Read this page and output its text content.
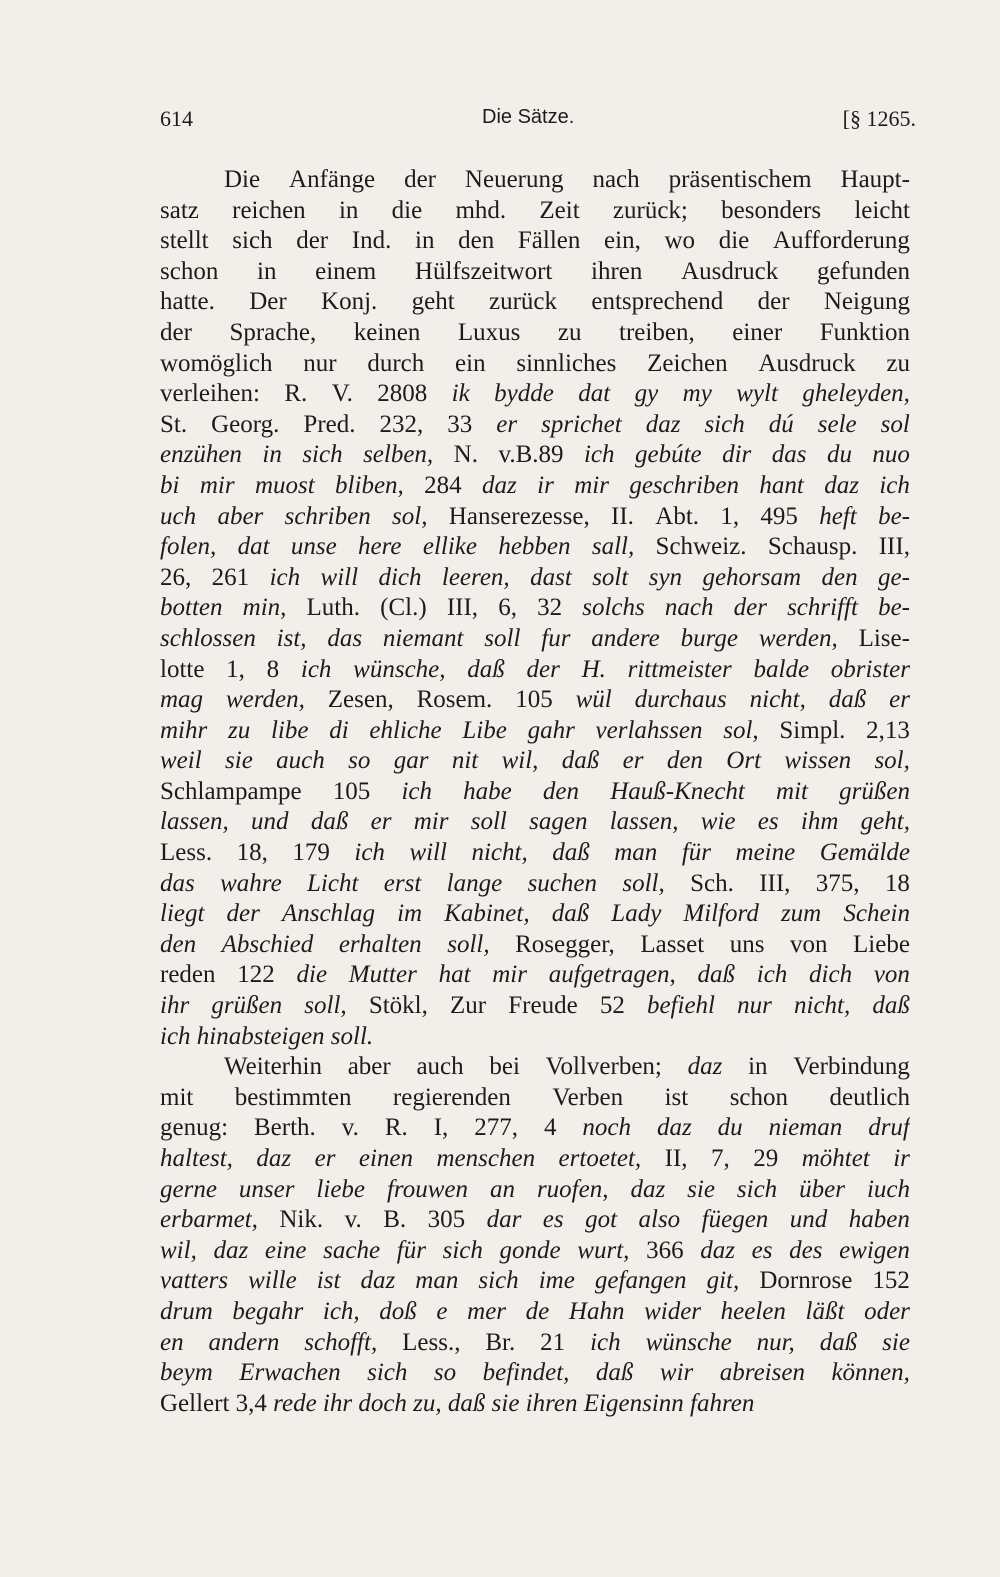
614	Die Sätze.	[§ 1265.
Die Anfänge der Neuerung nach präsentischem Haupt-
satz reichen in die mhd. Zeit zurück; besonders leicht
stellt sich der Ind. in den Fällen ein, wo die Aufforderung
schon in einem Hülfszeitwort ihren Ausdruck gefunden
hatte. Der Konj. geht zurück entsprechend der Neigung
der Sprache, keinen Luxus zu treiben, einer Funktion
womöglich nur durch ein sinnliches Zeichen Ausdruck zu
verleihen: R. V. 2808 ik bydde dat gy my wylt gheleyden,
St. Georg. Pred. 232, 33 er sprichet daz sich dú sele sol
enzühen in sich selben, N. v.B.89 ich gebúte dir das du nuo
bi mir muost bliben, 284 daz ir mir geschriben hant daz ich
uch aber schriben sol, Hanserezesse, II. Abt. 1, 495 heft be-
folen, dat unse here ellike hebben sall, Schweiz. Schausp. III,
26, 261 ich will dich leeren, dast solt syn gehorsam den ge-
botten min, Luth. (Cl.) III, 6, 32 solchs nach der schrifft be-
schlossen ist, das niemant soll fur andere burge werden, Lise-
lotte 1, 8 ich wünsche, daß der H. rittmeister balde obrister
mag werden, Zesen, Rosem. 105 wül durchaus nicht, daß er
mihr zu libe di ehliche Libe gahr verlahssen sol, Simpl. 2,13
weil sie auch so gar nit wil, daß er den Ort wissen sol,
Schlampampe 105 ich habe den Hauß-Knecht mit grüßen
lassen, und daß er mir soll sagen lassen, wie es ihm geht,
Less. 18, 179 ich will nicht, daß man für meine Gemälde
das wahre Licht erst lange suchen soll, Sch. III, 375, 18
liegt der Anschlag im Kabinet, daß Lady Milford zum Schein
den Abschied erhalten soll, Rosegger, Lasset uns von Liebe
reden 122 die Mutter hat mir aufgetragen, daß ich dich von
ihr grüßen soll, Stökl, Zur Freude 52 befiehl nur nicht, daß
ich hinabsteigen soll.
Weiterhin aber auch bei Vollverben; daz in Verbindung
mit bestimmten regierenden Verben ist schon deutlich
genug: Berth. v. R. I, 277, 4 noch daz du nieman druf
haltest, daz er einen menschen ertoetet, II, 7, 29 möhtet ir
gerne unser liebe frouwen an ruofen, daz sie sich über iuch
erbarmet, Nik. v. B. 305 dar es got also füegen und haben
wil, daz eine sache für sich gonde wurt, 366 daz es des ewigen
vatters wille ist daz man sich ime gefangen git, Dornrose 152
drum begahr ich, doß e mer de Hahn wider heelen läßt oder
en andern schofft, Less., Br. 21 ich wünsche nur, daß sie
beym Erwachen sich so befindet, daß wir abreisen können,
Gellert 3,4 rede ihr doch zu, daß sie ihren Eigensinn fahren
